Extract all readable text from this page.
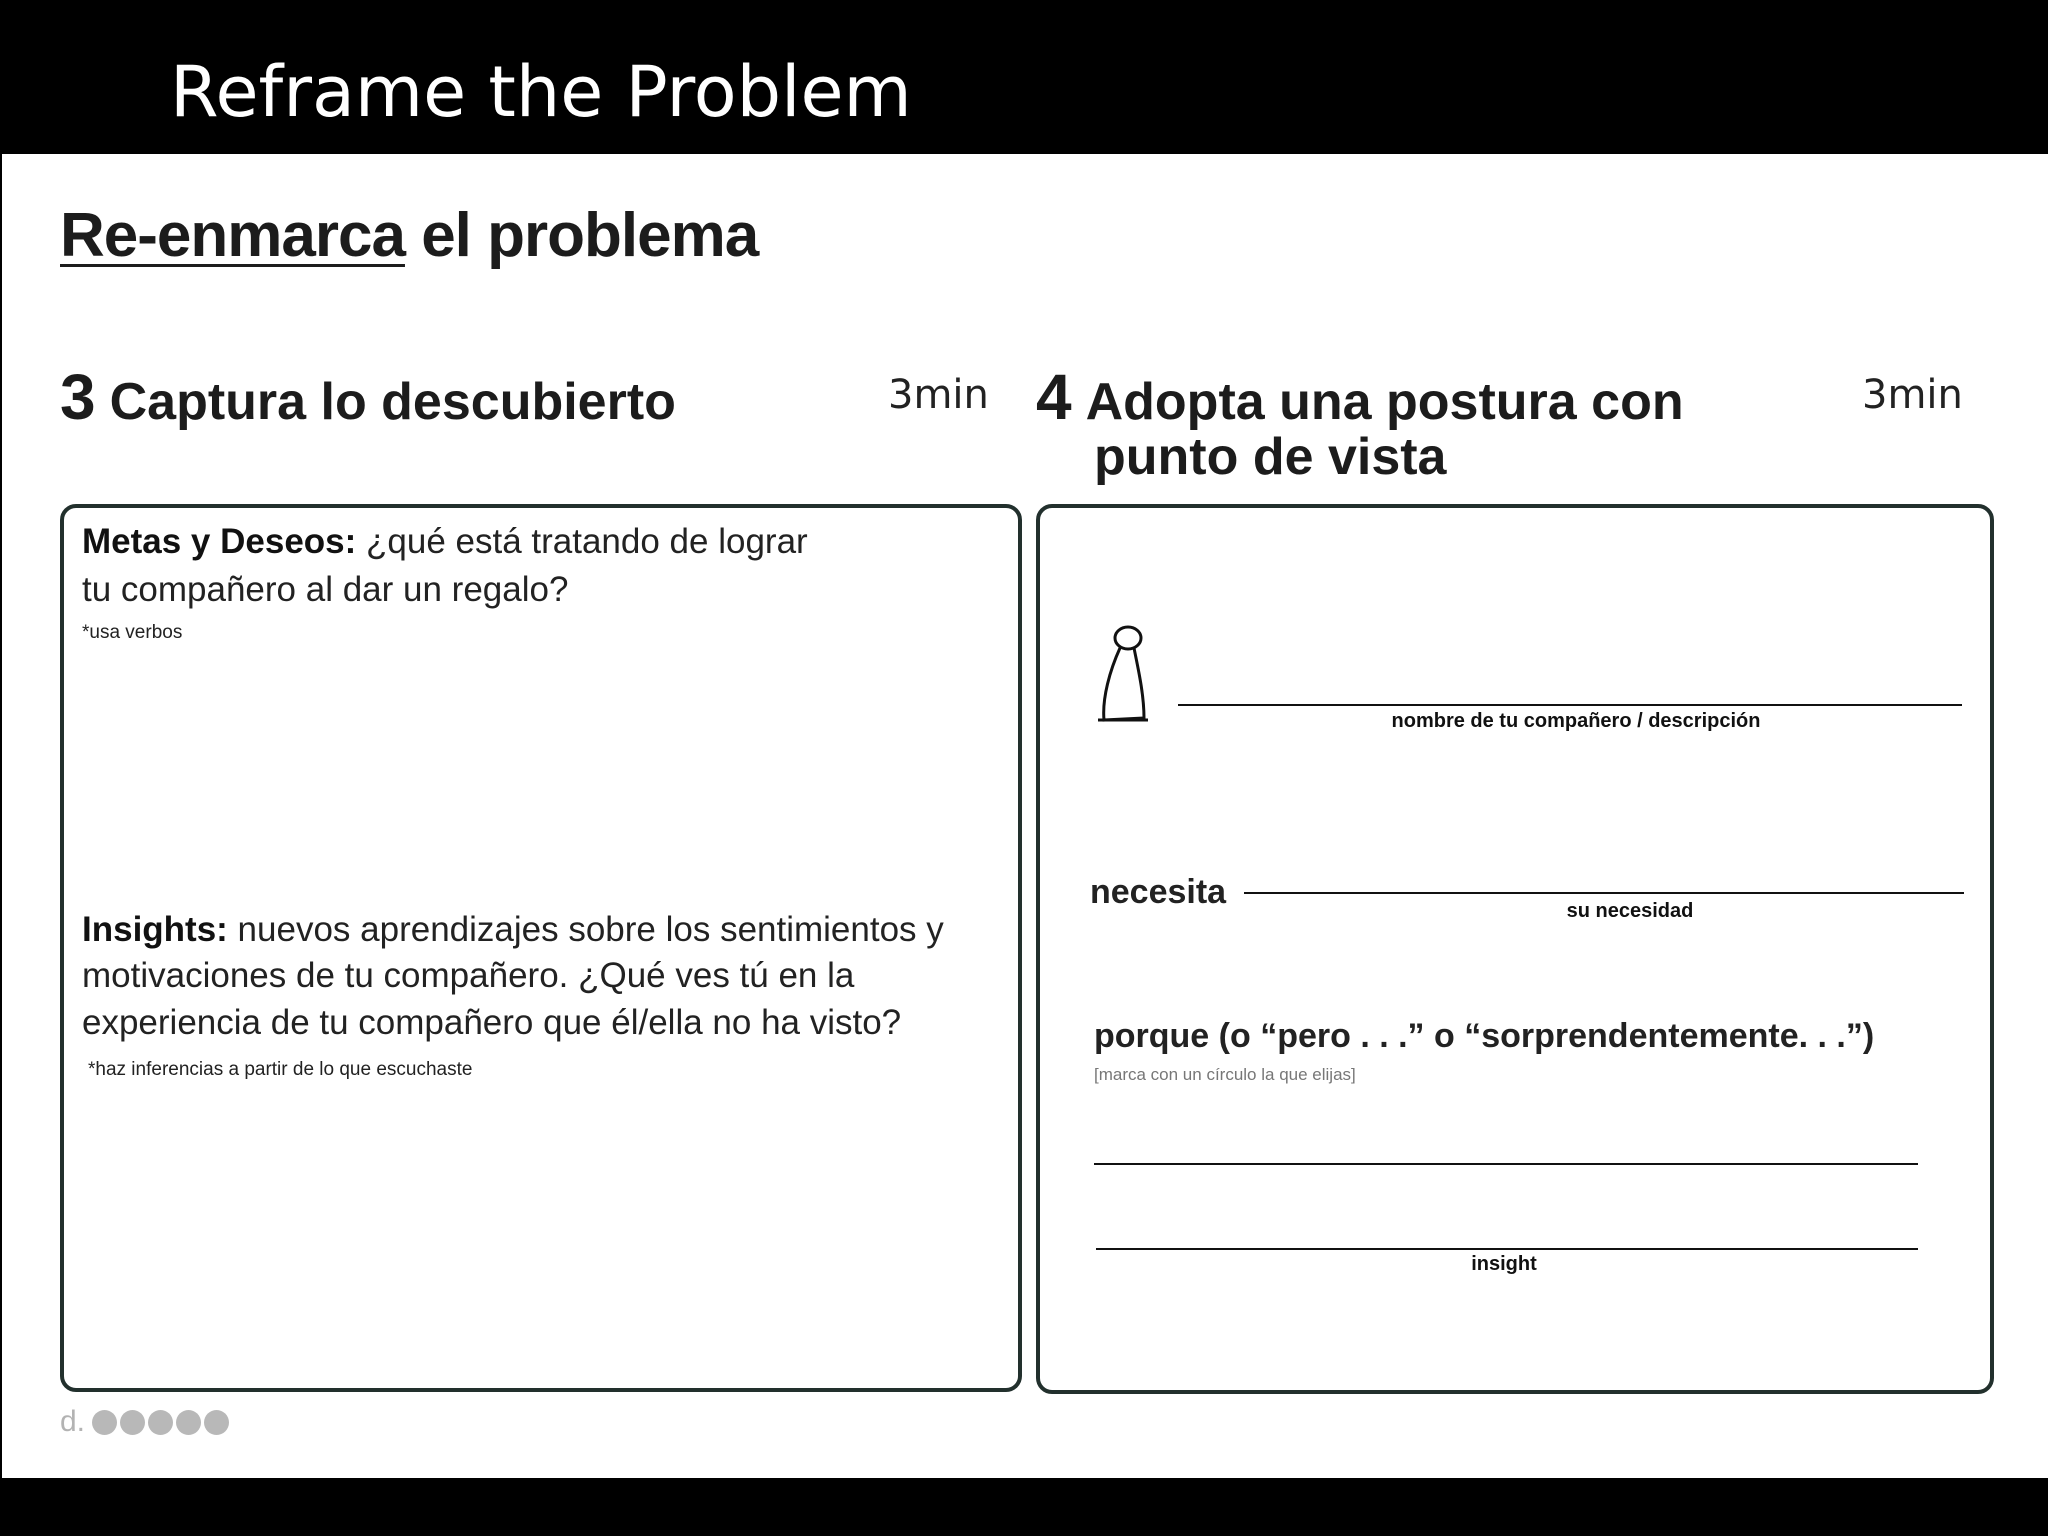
Reframe the Problem
Re-enmarca el problema
3 Captura lo descubierto	3min 4 Adopta una postura con
punto de vista
3min
Metas y Deseos: ¿qué está tratando de lograr
tu compañero al dar un regalo?
*usa verbos
Insights: nuevos aprendizajes sobre los sentimientos y
motivaciones de tu compañero. ¿Qué ves tú en la
experiencia de tu compañero que él/ella no ha visto?
*haz inferencias a partir de lo que escuchaste
nombre de tu compañero / descripción
necesita	su necesidad
porque (o “pero . . .” o “sorprendentemente. . .”)
[marca con un círculo la que elijas]
insight
d.
